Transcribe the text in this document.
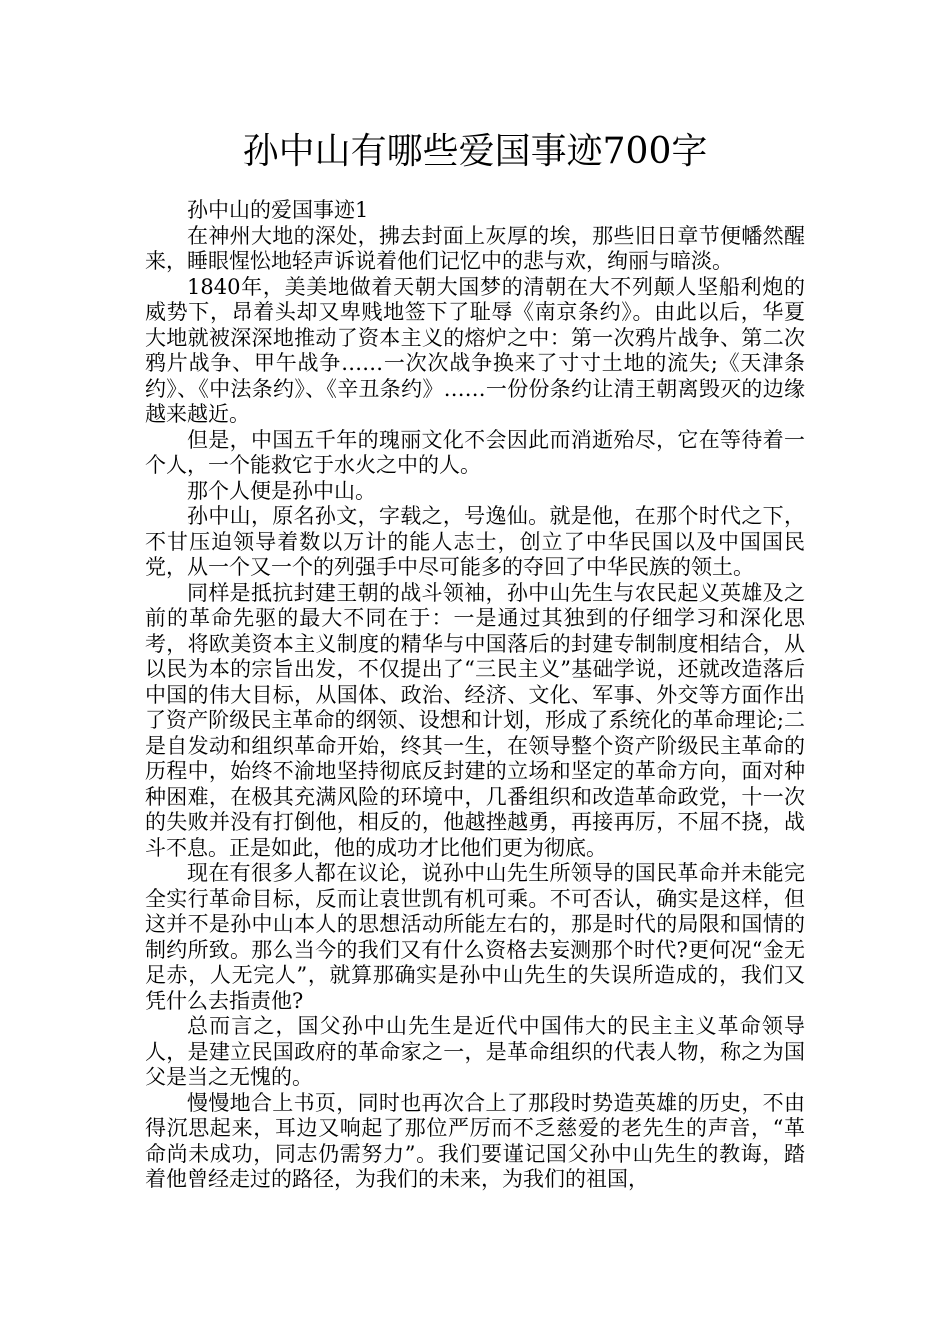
孙中山有哪些爱国事迹700字

孙中山的爱国事迹1

在神州大地的深处，拂去封面上灰厚的埃，那些旧日章节便幡然醒来，睡眼惺忪地轻声诉说着他们记忆中的悲与欢，绚丽与暗淡。

1840年，美美地做着天朝大国梦的清朝在大不列颠人坚船利炮的威势下，昂着头却又卑贱地签下了耻辱《南京条约》。由此以后，华夏大地就被深深地推动了资本主义的熔炉之中：第一次鸦片战争、第二次鸦片战争、甲午战争……一次次战争换来了寸寸土地的流失;《天津条约》、《中法条约》、《辛丑条约》……一份份条约让清王朝离毁灭的边缘越来越近。

但是，中国五千年的瑰丽文化不会因此而消逝殆尽，它在等待着一个人，一个能救它于水火之中的人。

那个人便是孙中山。

孙中山，原名孙文，字载之，号逸仙。就是他，在那个时代之下，不甘压迫领导着数以万计的能人志士，创立了中华民国以及中国国民党，从一个又一个的列强手中尽可能多的夺回了中华民族的领土。

同样是抵抗封建王朝的战斗领袖，孙中山先生与农民起义英雄及之前的革命先驱的最大不同在于：一是通过其独到的仔细学习和深化思考，将欧美资本主义制度的精华与中国落后的封建专制制度相结合，从以民为本的宗旨出发，不仅提出了“三民主义”基础学说，还就改造落后中国的伟大目标，从国体、政治、经济、文化、军事、外交等方面作出了资产阶级民主革命的纲领、设想和计划，形成了系统化的革命理论;二是自发动和组织革命开始，终其一生，在领导整个资产阶级民主革命的历程中，始终不渝地坚持彻底反封建的立场和坚定的革命方向，面对种种困难，在极其充满风险的环境中，几番组织和改造革命政党，十一次的失败并没有打倒他，相反的，他越挫越勇，再接再厉，不屈不挠，战斗不息。正是如此，他的成功才比他们更为彻底。

现在有很多人都在议论，说孙中山先生所领导的国民革命并未能完全实行革命目标，反而让袁世凯有机可乘。不可否认，确实是这样，但这并不是孙中山本人的思想活动所能左右的，那是时代的局限和国情的制约所致。那么当今的我们又有什么资格去妄测那个时代?更何况“金无足赤，人无完人”，就算那确实是孙中山先生的失误所造成的，我们又凭什么去指责他?

总而言之，国父孙中山先生是近代中国伟大的民主主义革命领导人，是建立民国政府的革命家之一，是革命组织的代表人物，称之为国父是当之无愧的。

慢慢地合上书页，同时也再次合上了那段时势造英雄的历史，不由得沉思起来，耳边又响起了那位严厉而不乏慈爱的老先生的声音，“革命尚未成功，同志仍需努力”。我们要谨记国父孙中山先生的教诲，踏着他曾经走过的路径，为我们的未来，为我们的祖国，
